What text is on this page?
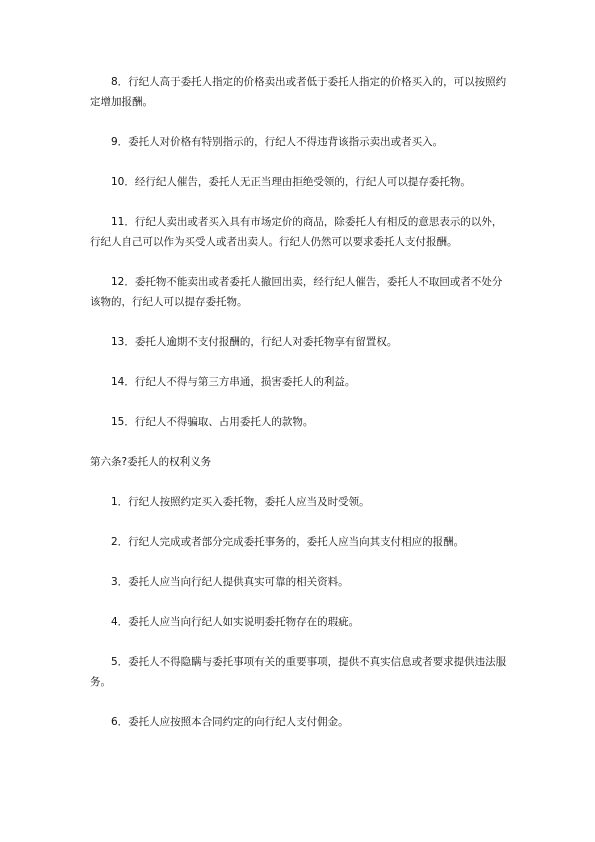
8．行纪人高于委托人指定的价格卖出或者低于委托人指定的价格买入的，可以按照约定增加报酬。

9．委托人对价格有特别指示的，行纪人不得违背该指示卖出或者买入。

10．经行纪人催告，委托人无正当理由拒绝受领的，行纪人可以提存委托物。

11．行纪人卖出或者买入具有市场定价的商品，除委托人有相反的意思表示的以外，行纪人自己可以作为买受人或者出卖人。行纪人仍然可以要求委托人支付报酬。

12．委托物不能卖出或者委托人撤回出卖，经行纪人催告，委托人不取回或者不处分该物的，行纪人可以提存委托物。

13．委托人逾期不支付报酬的，行纪人对委托物享有留置权。

14．行纪人不得与第三方串通，损害委托人的利益。

15．行纪人不得骗取、占用委托人的款物。

第六条?委托人的权利义务

1．行纪人按照约定买入委托物，委托人应当及时受领。

2．行纪人完成或者部分完成委托事务的，委托人应当向其支付相应的报酬。

3．委托人应当向行纪人提供真实可靠的相关资料。

4．委托人应当向行纪人如实说明委托物存在的瑕疵。

5．委托人不得隐瞒与委托事项有关的重要事项，提供不真实信息或者要求提供违法服务。

6．委托人应按照本合同约定的向行纪人支付佣金。
